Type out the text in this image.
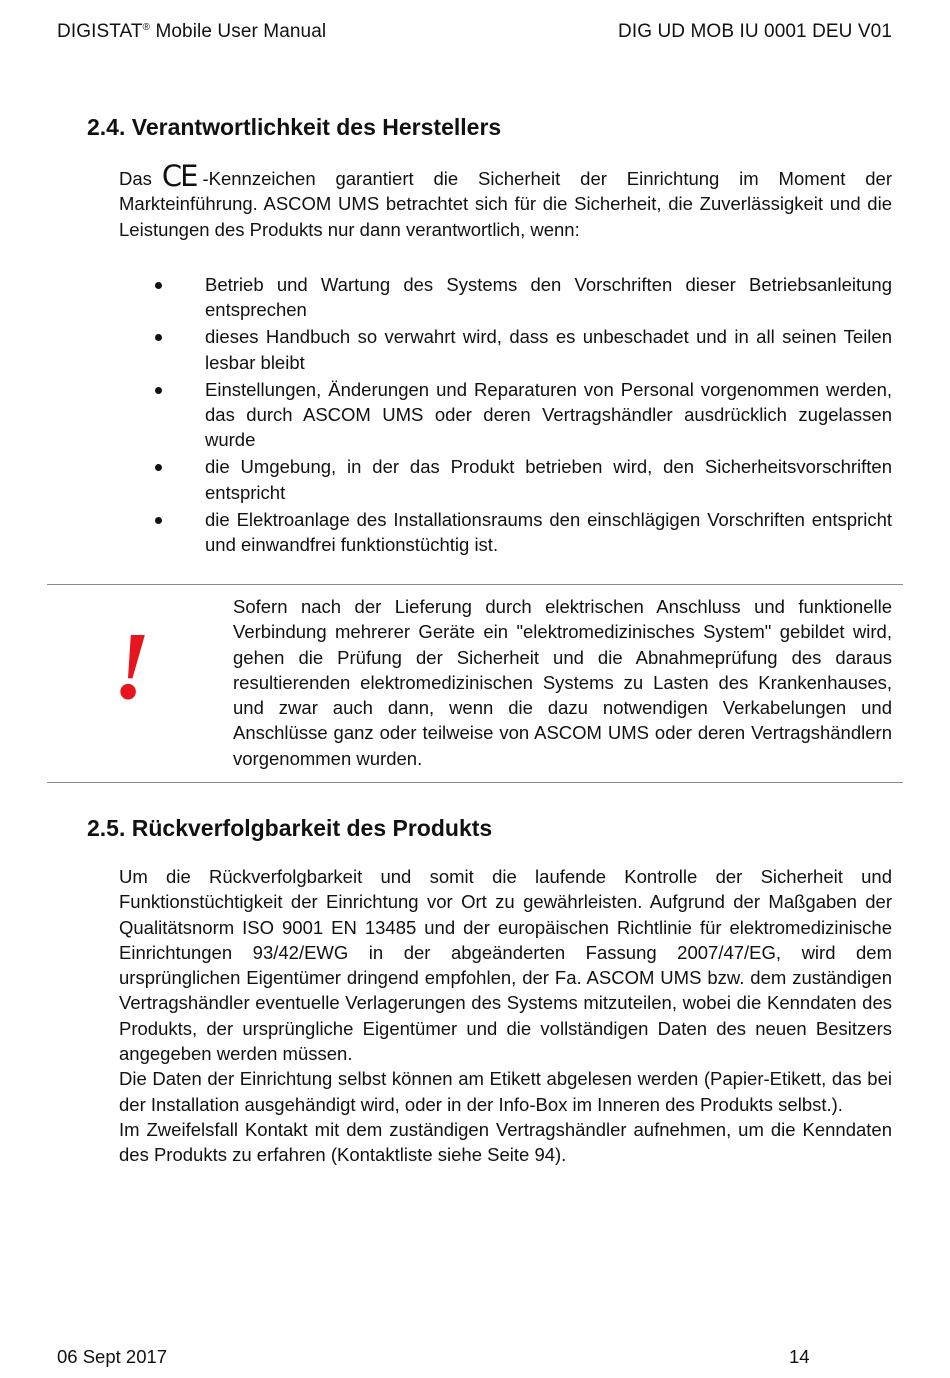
DIGISTAT® Mobile User Manual	DIG UD MOB IU 0001 DEU V01
2.4. Verantwortlichkeit des Herstellers

Das CE -Kennzeichen garantiert die Sicherheit der Einrichtung im Moment der Markteinführung. ASCOM UMS betrachtet sich für die Sicherheit, die Zuverlässigkeit und die Leistungen des Produkts nur dann verantwortlich, wenn:

Betrieb und Wartung des Systems den Vorschriften dieser Betriebsanleitung entsprechen
dieses Handbuch so verwahrt wird, dass es unbeschadet und in all seinen Teilen lesbar bleibt
Einstellungen, Änderungen und Reparaturen von Personal vorgenommen werden, das durch ASCOM UMS oder deren Vertragshändler ausdrücklich zugelassen wurde
die Umgebung, in der das Produkt betrieben wird, den Sicherheitsvorschriften entspricht
die Elektroanlage des Installationsraums den einschlägigen Vorschriften entspricht und einwandfrei funktionstüchtig ist.
!

Sofern nach der Lieferung durch elektrischen Anschluss und funktionelle Verbindung mehrerer Geräte ein "elektromedizinisches System" gebildet wird, gehen die Prüfung der Sicherheit und die Abnahmeprüfung des daraus resultierenden elektromedizinischen Systems zu Lasten des Krankenhauses, und zwar auch dann, wenn die dazu notwendigen Verkabelungen und Anschlüsse ganz oder teilweise von ASCOM UMS oder deren Vertragshändlern vorgenommen wurden.

2.5. Rückverfolgbarkeit des Produkts

Um die Rückverfolgbarkeit und somit die laufende Kontrolle der Sicherheit und Funktionstüchtigkeit der Einrichtung vor Ort zu gewährleisten. Aufgrund der Maßgaben der Qualitätsnorm ISO 9001 EN 13485 und der europäischen Richtlinie für elektromedizinische Einrichtungen 93/42/EWG in der abgeänderten Fassung 2007/47/EG, wird dem ursprünglichen Eigentümer dringend empfohlen, der Fa. ASCOM UMS bzw. dem zuständigen Vertragshändler eventuelle Verlagerungen des Systems mitzuteilen, wobei die Kenndaten des Produkts, der ursprüngliche Eigentümer und die vollständigen Daten des neuen Besitzers angegeben werden müssen.

Die Daten der Einrichtung selbst können am Etikett abgelesen werden (Papier-Etikett, das bei der Installation ausgehändigt wird, oder in der Info-Box im Inneren des Produkts selbst.).

Im Zweifelsfall Kontakt mit dem zuständigen Vertragshändler aufnehmen, um die Kenndaten des Produkts zu erfahren (Kontaktliste siehe Seite 94).

06 Sept 2017	14
